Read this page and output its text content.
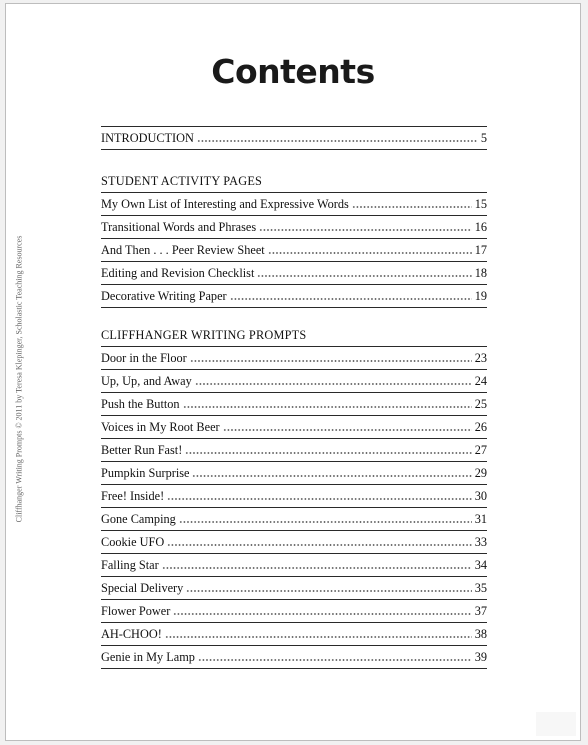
Cliffhanger Writing Prompts © 2011 by Teresa Klepinger, Scholastic Teaching Resources
Contents
INTRODUCTION	5
STUDENT ACTIVITY PAGES
My Own List of Interesting and Expressive Words	15
Transitional Words and Phrases	16
And Then . . . Peer Review Sheet	17
Editing and Revision Checklist	18
Decorative Writing Paper	19
CLIFFHANGER WRITING PROMPTS
Door in the Floor	23
Up, Up, and Away	24
Push the Button	25
Voices in My Root Beer	26
Better Run Fast!	27
Pumpkin Surprise	29
Free! Inside!	30
Gone Camping	31
Cookie UFO	33
Falling Star	34
Special Delivery	35
Flower Power	37
AH-CHOO!	38
Genie in My Lamp	39
